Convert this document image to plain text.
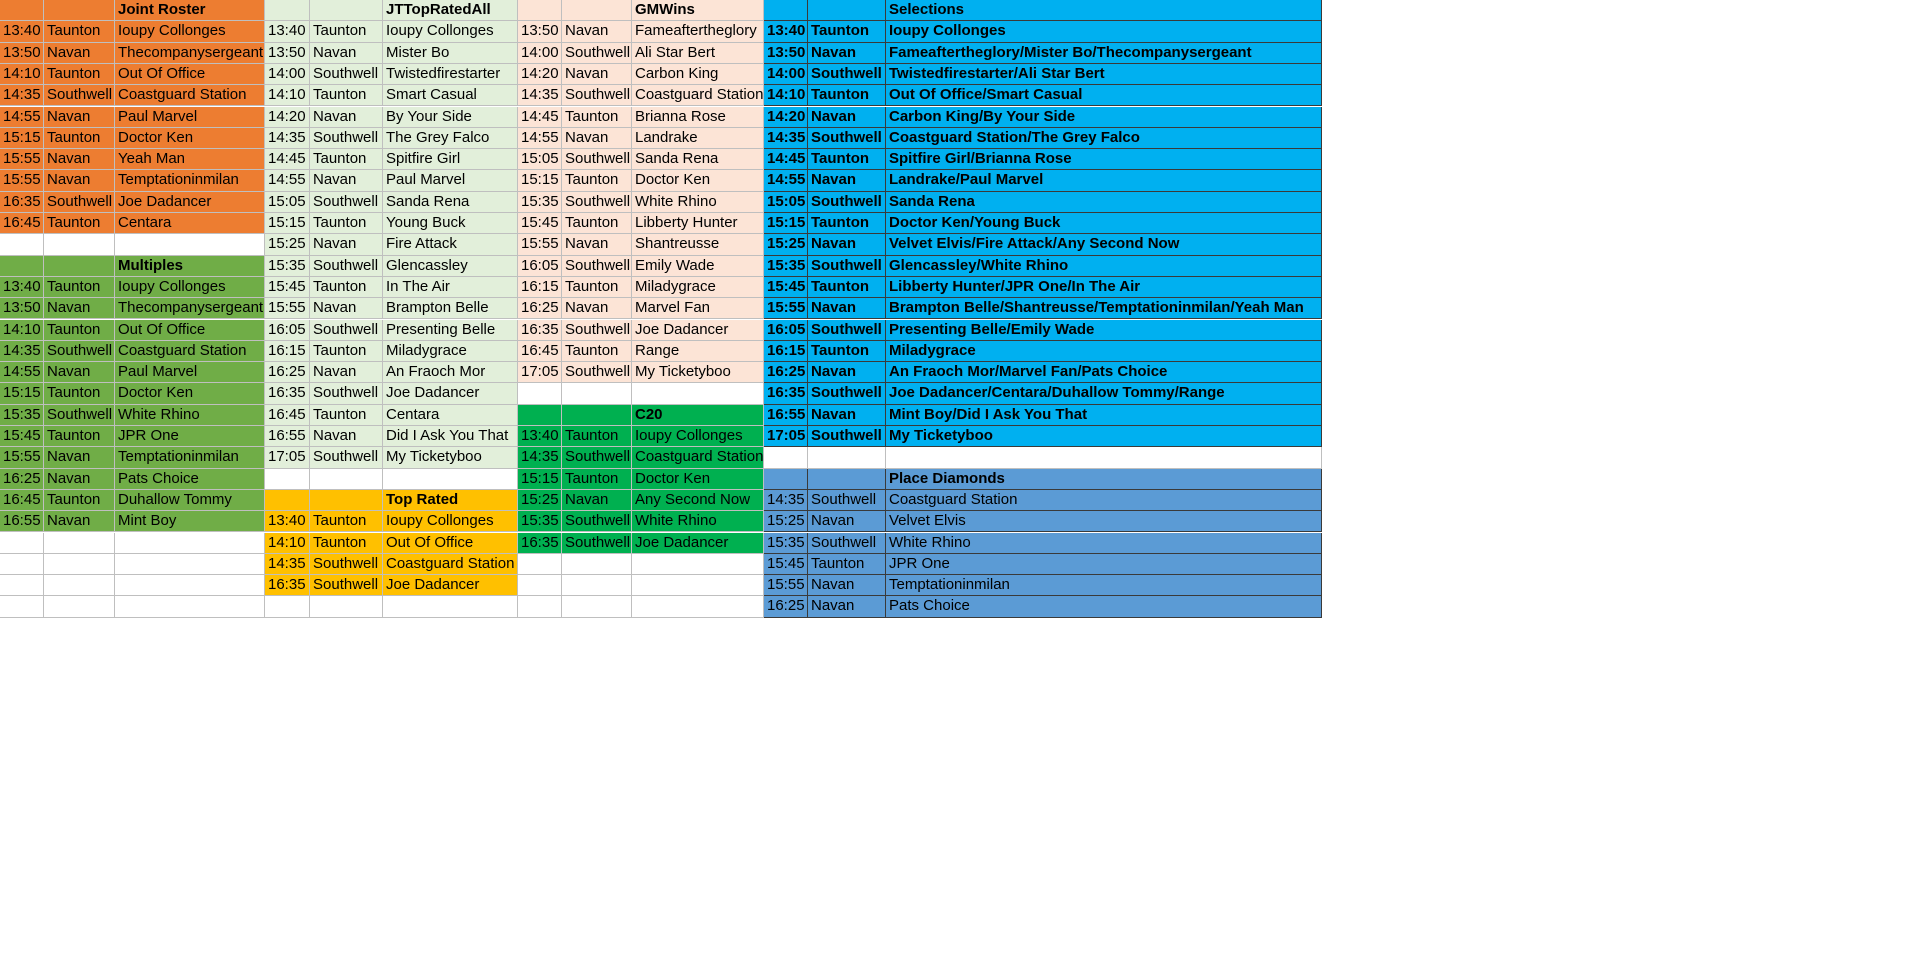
Joint Roster
13:40 Taunton	Ioupy Collonges
13:50 Navan	Thecompanysergeant
14:10 Taunton	Out Of Office
14:35 Southwell Coastguard Station
14:55 Navan	Paul Marvel
15:15 Taunton	Doctor Ken
15:55 Navan	Yeah Man
15:55 Navan	Temptationinmilan
16:35 Southwell Joe Dadancer
16:45 Taunton	Centara
Multiples
13:40 Taunton	Ioupy Collonges
13:50 Navan	Thecompanysergeant
14:10 Taunton	Out Of Office
14:35 Southwell Coastguard Station
14:55 Navan	Paul Marvel
15:15 Taunton	Doctor Ken
15:35 Southwell White Rhino
15:45 Taunton	JPR One
15:55 Navan	Temptationinmilan
16:25 Navan	Pats Choice
16:45 Taunton	Duhallow Tommy
16:55 Navan	Mint Boy
JTTopRatedAll
13:40 Taunton	Ioupy Collonges
13:50 Navan	Mister Bo
14:00 Southwell Twistedfirestarter
14:10 Taunton	Smart Casual
14:20 Navan	By Your Side
14:35 Southwell The Grey Falco
14:45 Taunton	Spitfire Girl
14:55 Navan	Paul Marvel
15:05 Southwell Sanda Rena
15:15 Taunton	Young Buck
15:25 Navan	Fire Attack
15:35 Southwell Glencassley
15:45 Taunton	In The Air
15:55 Navan	Brampton Belle
16:05 Southwell Presenting Belle
16:15 Taunton	Miladygrace
16:25 Navan	An Fraoch Mor
16:35 Southwell Joe Dadancer
16:45 Taunton	Centara
16:55 Navan	Did I Ask You That
17:05 Southwell My Ticketyboo
Top Rated
13:40 Taunton	Ioupy Collonges
14:10 Taunton	Out Of Office
14:35 Southwell Coastguard Station
16:35 Southwell Joe Dadancer
GMWins
13:50 Navan	Fameaftertheglory
14:00 Southwell Ali Star Bert
14:20 Navan	Carbon King
14:35 Southwell Coastguard Station
14:45 Taunton	Brianna Rose
14:55 Navan	Landrake
15:05 Southwell Sanda Rena
15:15 Taunton	Doctor Ken
15:35 Southwell White Rhino
15:45 Taunton	Libberty Hunter
15:55 Navan	Shantreusse
16:05 Southwell Emily Wade
16:15 Taunton	Miladygrace
16:25 Navan	Marvel Fan
16:35 Southwell Joe Dadancer
16:45 Taunton	Range
17:05 Southwell My Ticketyboo
C20
13:40 Taunton	Ioupy Collonges
14:35 Southwell Coastguard Station
15:15 Taunton	Doctor Ken
15:25 Navan	Any Second Now
15:35 Southwell White Rhino
16:35 Southwell Joe Dadancer
Selections
13:40 Taunton	Ioupy Collonges
13:50 Navan	Fameaftertheglory/Mister Bo/Thecompanysergeant
14:00 Southwell Twistedfirestarter/Ali Star Bert
14:10 Taunton	Out Of Office/Smart Casual
14:20 Navan	Carbon King/By Your Side
14:35 Southwell Coastguard Station/The Grey Falco
14:45 Taunton	Spitfire Girl/Brianna Rose
14:55 Navan	Landrake/Paul Marvel
15:05 Southwell Sanda Rena
15:15 Taunton	Doctor Ken/Young Buck
15:25 Navan	Velvet Elvis/Fire Attack/Any Second Now
15:35 Southwell Glencassley/White Rhino
15:45 Taunton	Libberty Hunter/JPR One/In The Air
15:55 Navan	Brampton Belle/Shantreusse/Temptationinmilan/Yeah Man
16:05 Southwell Presenting Belle/Emily Wade
16:15 Taunton	Miladygrace
16:25 Navan	An Fraoch Mor/Marvel Fan/Pats Choice
16:35 Southwell Joe Dadancer/Centara/Duhallow Tommy/Range
16:55 Navan	Mint Boy/Did I Ask You That
17:05 Southwell My Ticketyboo
Place Diamonds
14:35 Southwell Coastguard Station
15:25 Navan	Velvet Elvis
15:35 Southwell White Rhino
15:45 Taunton	JPR One
15:55 Navan	Temptationinmilan
16:25 Navan	Pats Choice
